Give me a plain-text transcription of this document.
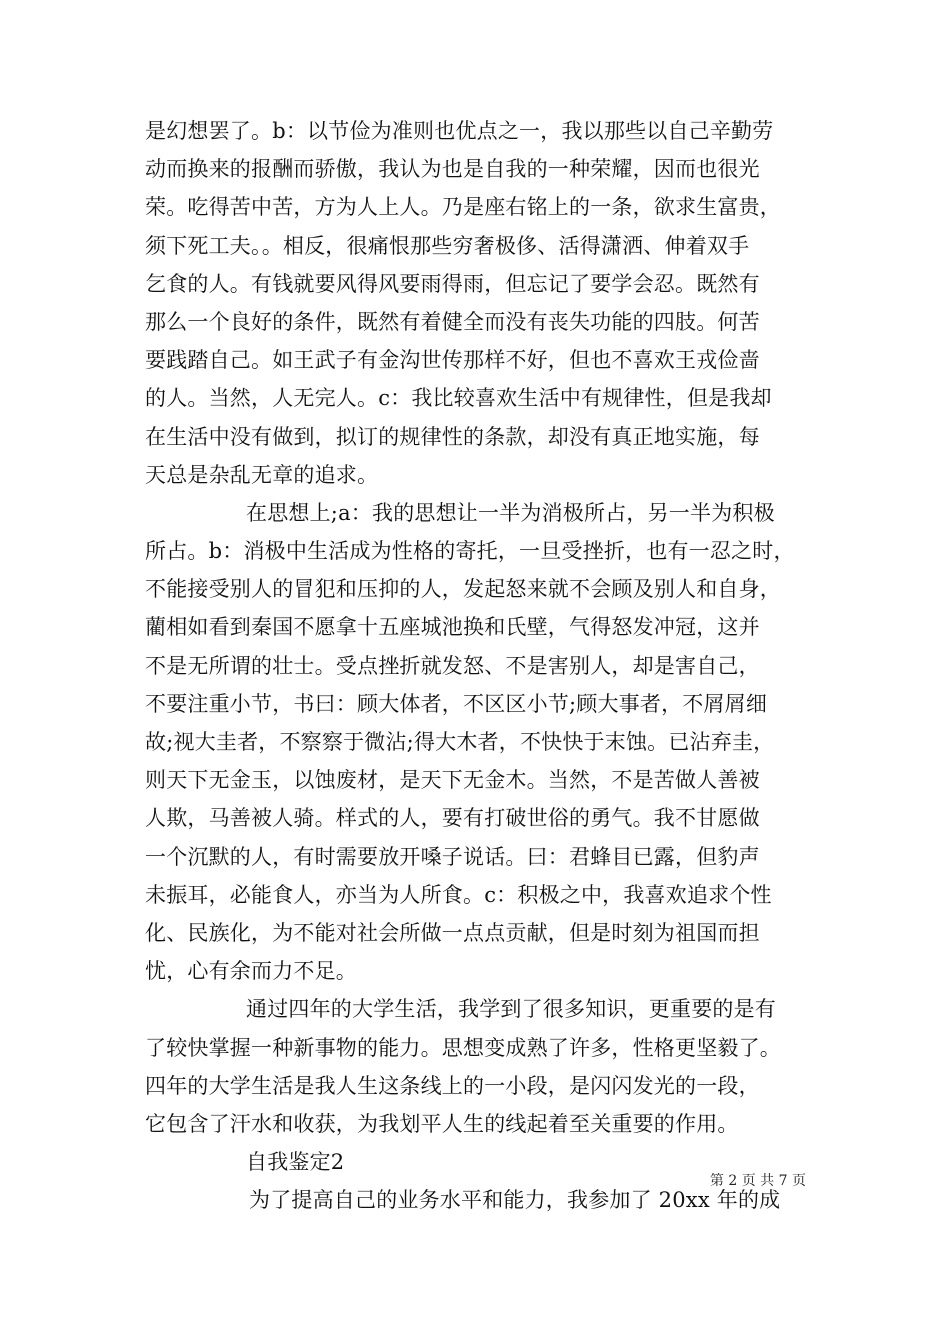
是幻想罢了。b：以节俭为准则也优点之一，我以那些以自己辛勤劳
动而换来的报酬而骄傲，我认为也是自我的一种荣耀，因而也很光
荣。吃得苦中苦，方为人上人。乃是座右铭上的一条，欲求生富贵，
须下死工夫。。相反，很痛恨那些穷奢极侈、活得潇洒、伸着双手
乞食的人。有钱就要风得风要雨得雨，但忘记了要学会忍。既然有
那么一个良好的条件，既然有着健全而没有丧失功能的四肢。何苦
要践踏自己。如王武子有金沟世传那样不好，但也不喜欢王戎俭啬
的人。当然，人无完人。c：我比较喜欢生活中有规律性，但是我却
在生活中没有做到，拟订的规律性的条款，却没有真正地实施，每
天总是杂乱无章的追求。
在思想上;a：我的思想让一半为消极所占，另一半为积极
所占。b：消极中生活成为性格的寄托，一旦受挫折，也有一忍之时，
不能接受别人的冒犯和压抑的人，发起怒来就不会顾及别人和自身，
藺相如看到秦国不愿拿十五座城池换和氏壁，气得怒发冲冠，这并
不是无所谓的壮士。受点挫折就发怒、不是害别人，却是害自己，
不要注重小节，书曰：顾大体者，不区区小节;顾大事者，不屑屑细
故;视大圭者，不察察于微沾;得大木者，不快快于末蚀。已沾弃圭，
则天下无金玉，以蚀废材，是天下无金木。当然，不是苦做人善被
人欺，马善被人骑。样式的人，要有打破世俗的勇气。我不甘愿做
一个沉默的人，有时需要放开嗓子说话。曰：君蜂目已露，但豹声
未振耳，必能食人，亦当为人所食。c：积极之中，我喜欢追求个性
化、民族化，为不能对社会所做一点点贡献，但是时刻为祖国而担
忧，心有余而力不足。
通过四年的大学生活，我学到了很多知识，更重要的是有
了较快掌握一种新事物的能力。思想变成熟了许多，性格更坚毅了。
四年的大学生活是我人生这条线上的一小段，是闪闪发光的一段，
它包含了汗水和收获，为我划平人生的线起着至关重要的作用。
自我鉴定2
为了提高自己的业务水平和能力，我参加了 20xx 年的成
第 2 页 共 7 页
